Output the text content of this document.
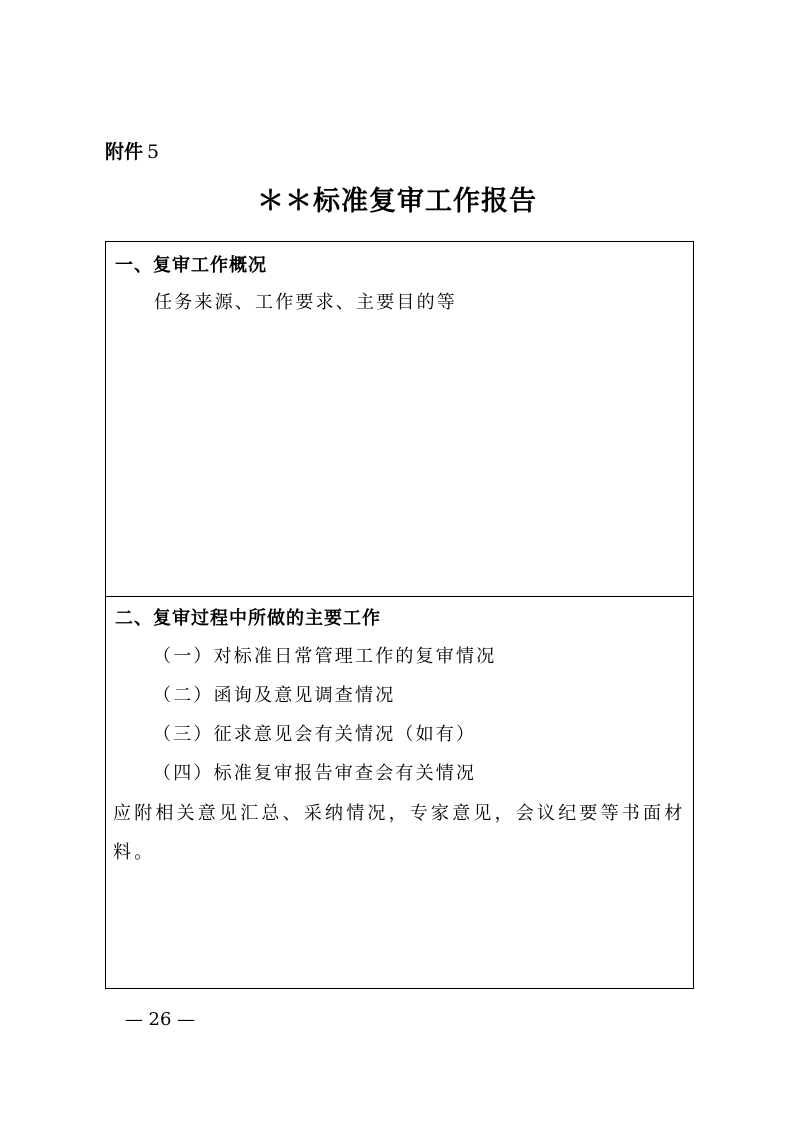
附件 5
＊＊标准复审工作报告
一、复审工作概况
任务来源、工作要求、主要目的等
二、复审过程中所做的主要工作
（一）对标准日常管理工作的复审情况
（二）函询及意见调查情况
（三）征求意见会有关情况（如有）
（四）标准复审报告审查会有关情况
应附相关意见汇总、采纳情况，专家意见，会议纪要等书面材料。
— 26 —
